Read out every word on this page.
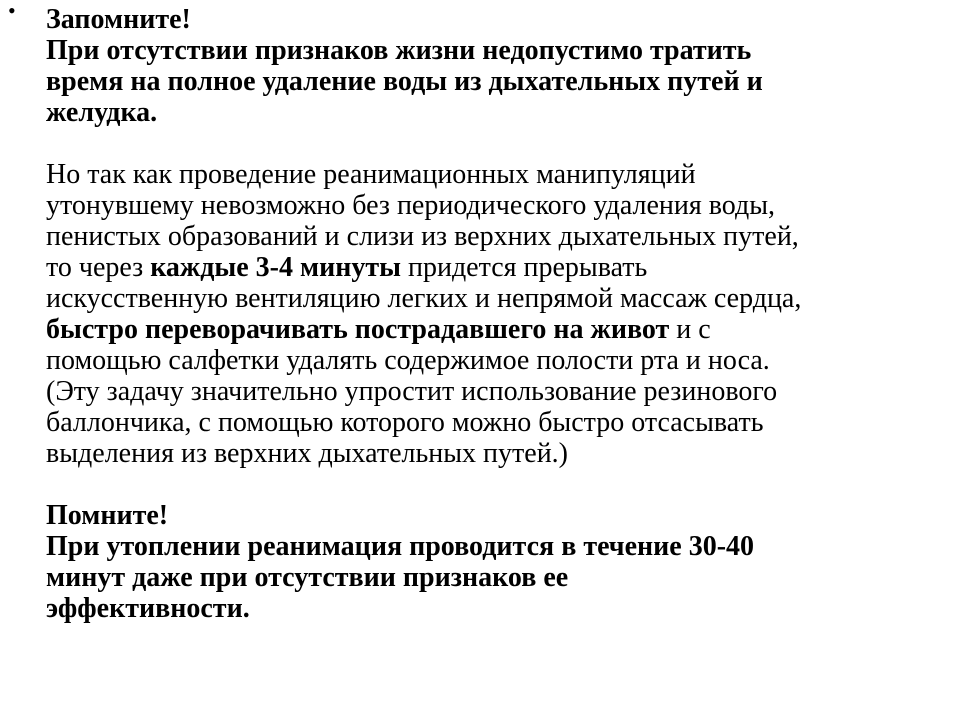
• Запомните!
При отсутствии признаков жизни недопустимо тратить
время на полное удаление воды из дыхательных путей и
желудка.
Но так как проведение реанимационных манипуляций
утонувшему невозможно без периодического удаления воды,
пенистых образований и слизи из верхних дыхательных путей,
то через каждые 3-4 минуты придется прерывать
искусственную вентиляцию легких и непрямой массаж сердца,
быстро переворачивать пострадавшего на живот и с
помощью салфетки удалять содержимое полости рта и носа.
(Эту задачу значительно упростит использование резинового
баллончика, с помощью которого можно быстро отсасывать
выделения из верхних дыхательных путей.)
Помните!
При утоплении реанимация проводится в течение 30-40
минут даже при отсутствии признаков ее
эффективности.
